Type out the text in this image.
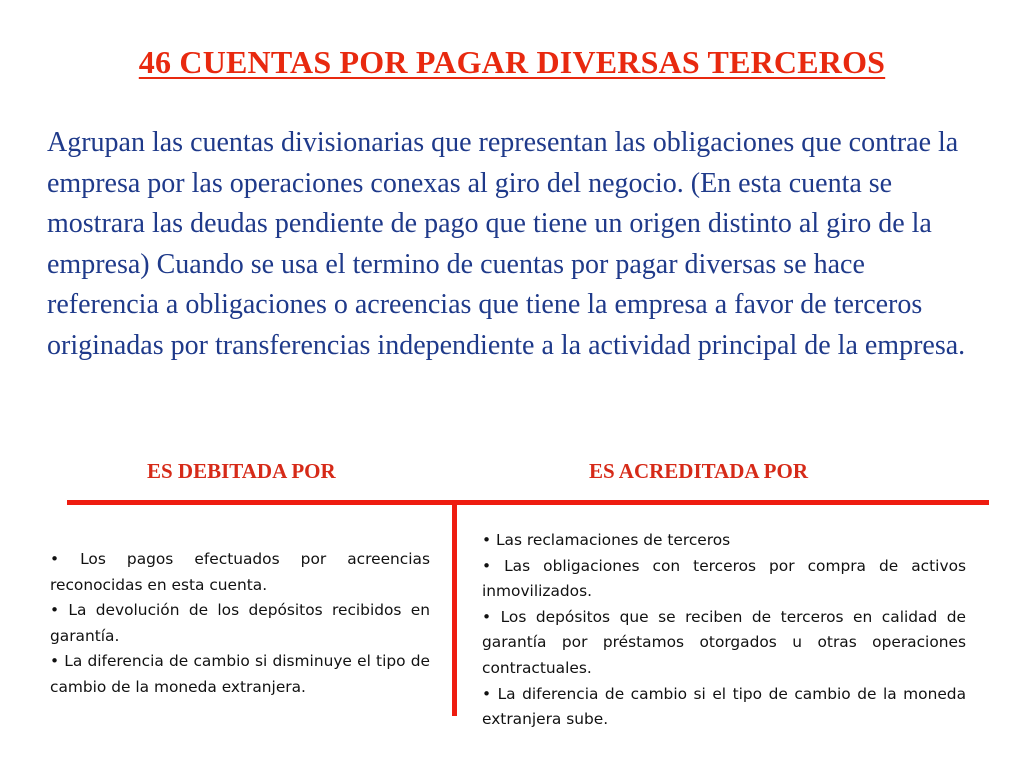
46 CUENTAS POR PAGAR DIVERSAS TERCEROS
Agrupan las cuentas divisionarias que representan las obligaciones que contrae la empresa por las operaciones conexas al giro del negocio. (En esta cuenta se mostrara las deudas pendiente de pago que tiene un origen distinto al giro de la empresa) Cuando se usa el termino de cuentas por pagar diversas se hace referencia a obligaciones o acreencias que tiene la empresa a favor de terceros originadas por transferencias independiente a la actividad principal de la empresa.
ES DEBITADA POR	ES ACREDITADA POR
• Los pagos efectuados por acreencias reconocidas en esta cuenta.
• La devolución de los depósitos recibidos en garantía.
• La diferencia de cambio si disminuye el tipo de cambio de la moneda extranjera.
• Las reclamaciones de terceros
• Las obligaciones con terceros por compra de activos inmovilizados.
• Los depósitos que se reciben de terceros en calidad de garantía por préstamos otorgados u otras operaciones contractuales.
• La diferencia de cambio si el tipo de cambio de la moneda extranjera sube.
